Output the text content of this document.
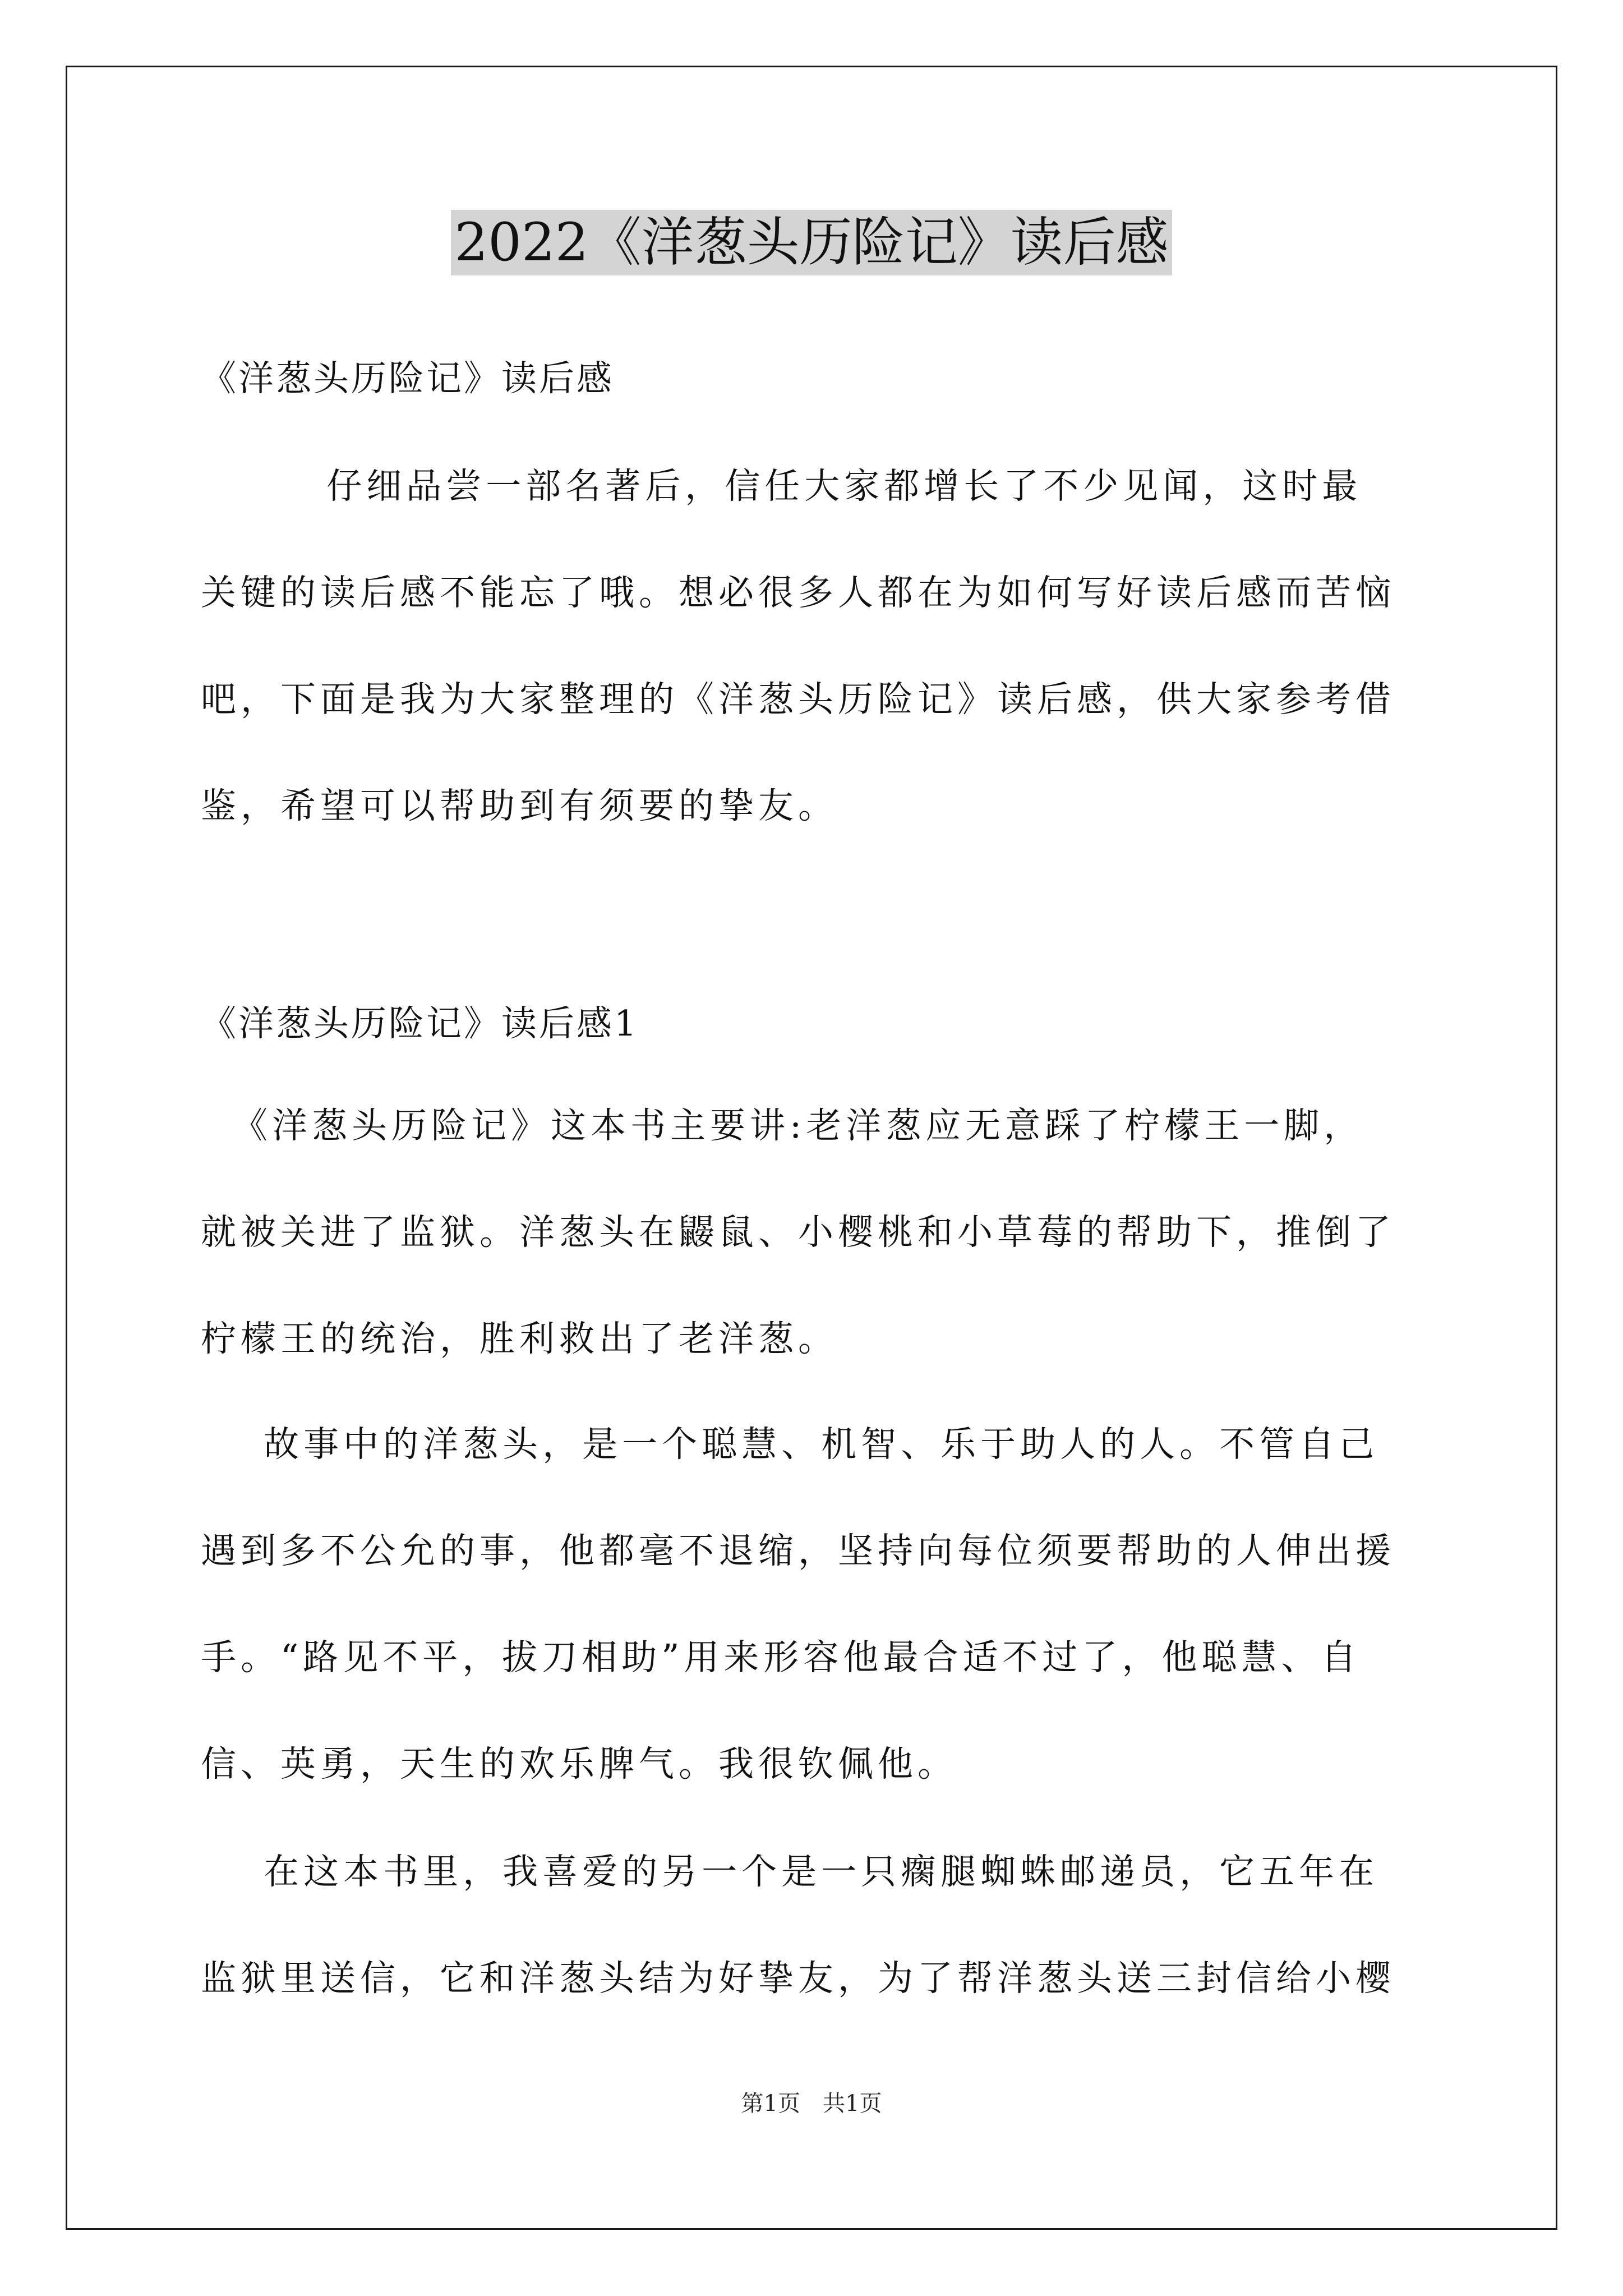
2022《洋葱头历险记》读后感
《洋葱头历险记》读后感
仔细品尝一部名著后，信任大家都增长了不少见闻，这时最
关键的读后感不能忘了哦。想必很多人都在为如何写好读后感而苦恼
吧，下面是我为大家整理的《洋葱头历险记》读后感，供大家参考借
鉴，希望可以帮助到有须要的挚友。
《洋葱头历险记》读后感1
《洋葱头历险记》这本书主要讲:老洋葱应无意踩了柠檬王一脚，
就被关进了监狱。洋葱头在鼹鼠、小樱桃和小草莓的帮助下，推倒了
柠檬王的统治，胜利救出了老洋葱。
故事中的洋葱头，是一个聪慧、机智、乐于助人的人。不管自己
遇到多不公允的事，他都毫不退缩，坚持向每位须要帮助的人伸出援
手。“路见不平，拔刀相助”用来形容他最合适不过了，他聪慧、自
信、英勇，天生的欢乐脾气。我很钦佩他。
在这本书里，我喜爱的另一个是一只瘸腿蜘蛛邮递员，它五年在
监狱里送信，它和洋葱头结为好挚友，为了帮洋葱头送三封信给小樱
第1页 共1页
